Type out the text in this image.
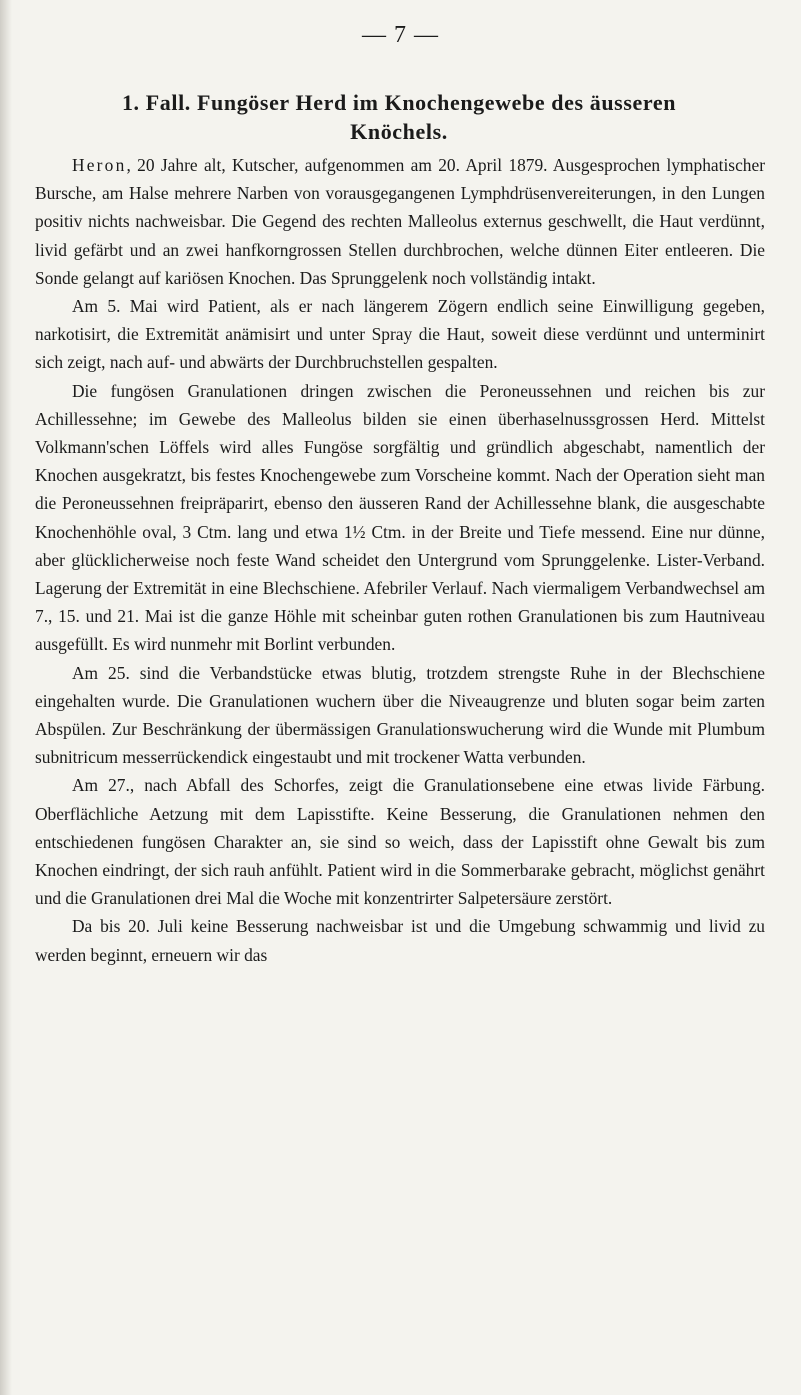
— 7 —
1. Fall. Fungöser Herd im Knochengewebe des äusseren
Knöchels.

Heron, 20 Jahre alt, Kutscher, aufgenommen am 20. April 1879. Ausgesprochen lymphatischer Bursche, am Halse mehrere Narben von vorausgegangenen Lymphdrüsenvereiterungen, in den Lungen positiv nichts nachweisbar. Die Gegend des rechten Malleolus externus geschwellt, die Haut verdünnt, livid gefärbt und an zwei hanfkorngrossen Stellen durchbrochen, welche dünnen Eiter entleeren. Die Sonde gelangt auf kariösen Knochen. Das Sprunggelenk noch vollständig intakt.

Am 5. Mai wird Patient, als er nach längerem Zögern endlich seine Einwilligung gegeben, narkotisirt, die Extremität anämisirt und unter Spray die Haut, soweit diese verdünnt und unterminirt sich zeigt, nach auf- und abwärts der Durchbruchstellen gespalten.

Die fungösen Granulationen dringen zwischen die Peroneussehnen und reichen bis zur Achillessehne; im Gewebe des Malleolus bilden sie einen überhaselnussgrossen Herd. Mittelst Volkmann'schen Löffels wird alles Fungöse sorgfältig und gründlich abgeschabt, namentlich der Knochen ausgekratzt, bis festes Knochengewebe zum Vorscheine kommt. Nach der Operation sieht man die Peroneussehnen freipräparirt, ebenso den äusseren Rand der Achillessehne blank, die ausgeschabte Knochenhöhle oval, 3 Ctm. lang und etwa 1½ Ctm. in der Breite und Tiefe messend. Eine nur dünne, aber glücklicherweise noch feste Wand scheidet den Untergrund vom Sprunggelenke. Lister-Verband. Lagerung der Extremität in eine Blechschiene. Afebriler Verlauf. Nach viermaligem Verbandwechsel am 7., 15. und 21. Mai ist die ganze Höhle mit scheinbar guten rothen Granulationen bis zum Hautniveau ausgefüllt. Es wird nunmehr mit Borlint verbunden.

Am 25. sind die Verbandstücke etwas blutig, trotzdem strengste Ruhe in der Blechschiene eingehalten wurde. Die Granulationen wuchern über die Niveaugrenze und bluten sogar beim zarten Abspülen. Zur Beschränkung der übermässigen Granulationswucherung wird die Wunde mit Plumbum subnitricum messerrückendick eingestaubt und mit trockener Watta verbunden.

Am 27., nach Abfall des Schorfes, zeigt die Granulationsebene eine etwas livide Färbung. Oberflächliche Aetzung mit dem Lapisstifte. Keine Besserung, die Granulationen nehmen den entschiedenen fungösen Charakter an, sie sind so weich, dass der Lapisstift ohne Gewalt bis zum Knochen eindringt, der sich rauh anfühlt. Patient wird in die Sommerbarake gebracht, möglichst genährt und die Granulationen drei Mal die Woche mit konzentrirter Salpetersäure zerstört.

Da bis 20. Juli keine Besserung nachweisbar ist und die Umgebung schwammig und livid zu werden beginnt, erneuern wir das
